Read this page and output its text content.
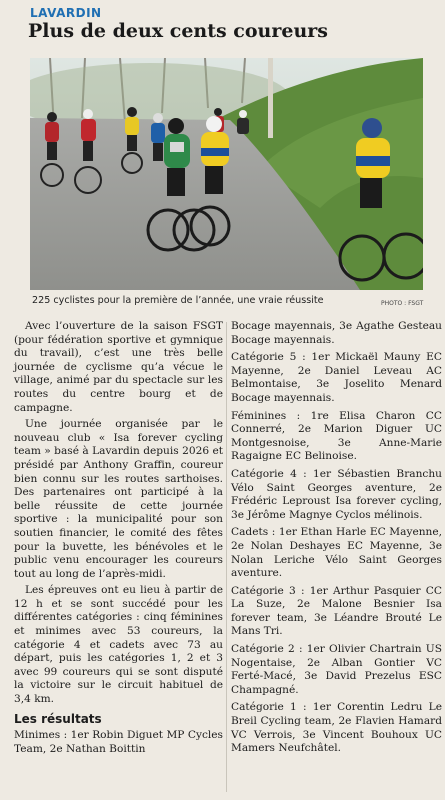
LAVARDIN
Plus de deux cents coureurs
225 cyclistes pour la première de l’année, une vraie réussite	PHOTO : FSGT

Avec l’ouverture de la saison FSGT (pour fédération sportive et gymnique du travail), c’est une très belle journée de cyclisme qu’a vécue le village, animé par du spectacle sur les routes du centre bourg et de campagne.

Une journée organisée par le nouveau club « Isa forever cycling team » basé à Lavardin depuis 2026 et présidé par Anthony Graffin, coureur bien connu sur les routes sarthoises. Des partenaires ont participé à la belle réussite de cette journée sportive : la municipalité pour son soutien financier, le comité des fêtes pour la buvette, les bénévoles et le public venu encourager les coureurs tout au long de l’après-midi.

Les épreuves ont eu lieu à partir de 12 h et se sont succédé pour les différentes catégories : cinq féminines et minimes avec 53 coureurs, la catégorie 4 et cadets avec 73 au départ, puis les catégories 1, 2 et 3 avec 99 coureurs qui se sont disputé la victoire sur le circuit habituel de 3,4 km.

Les résultats

Minimes : 1er Robin Diguet MP Cycles Team, 2e Nathan Boittin

Bocage mayennais, 3e Agathe Gesteau Bocage mayennais.

Catégorie 5 : 1er Mickaël Mauny EC Mayenne, 2e Daniel Leveau AC Belmontaise, 3e Joselito Menard Bocage mayennais.

Féminines : 1re Elisa Charon CC Connerré, 2e Marion Diguer UC Montgesnoise, 3e Anne-Marie Ragaigne EC Belinoise.

Catégorie 4 : 1er Sébastien Branchu Vélo Saint Georges aventure, 2e Frédéric Leproust Isa forever cycling, 3e Jérôme Magnye Cyclos mélinois.

Cadets : 1er Ethan Harle EC Mayenne, 2e Nolan Deshayes EC Mayenne, 3e Nolan Leriche Vélo Saint Georges aventure.

Catégorie 3 : 1er Arthur Pasquier CC La Suze, 2e Malone Besnier Isa forever team, 3e Léandre Brouté Le Mans Tri.

Catégorie 2 : 1er Olivier Chartrain US Nogentaise, 2e Alban Gontier VC Ferté-Macé, 3e David Prezelus ESC Champagné.

Catégorie 1 : 1er Corentin Ledru Le Breil Cycling team, 2e Flavien Hamard VC Verrois, 3e Vincent Bouhoux UC Mamers Neufchâtel.
